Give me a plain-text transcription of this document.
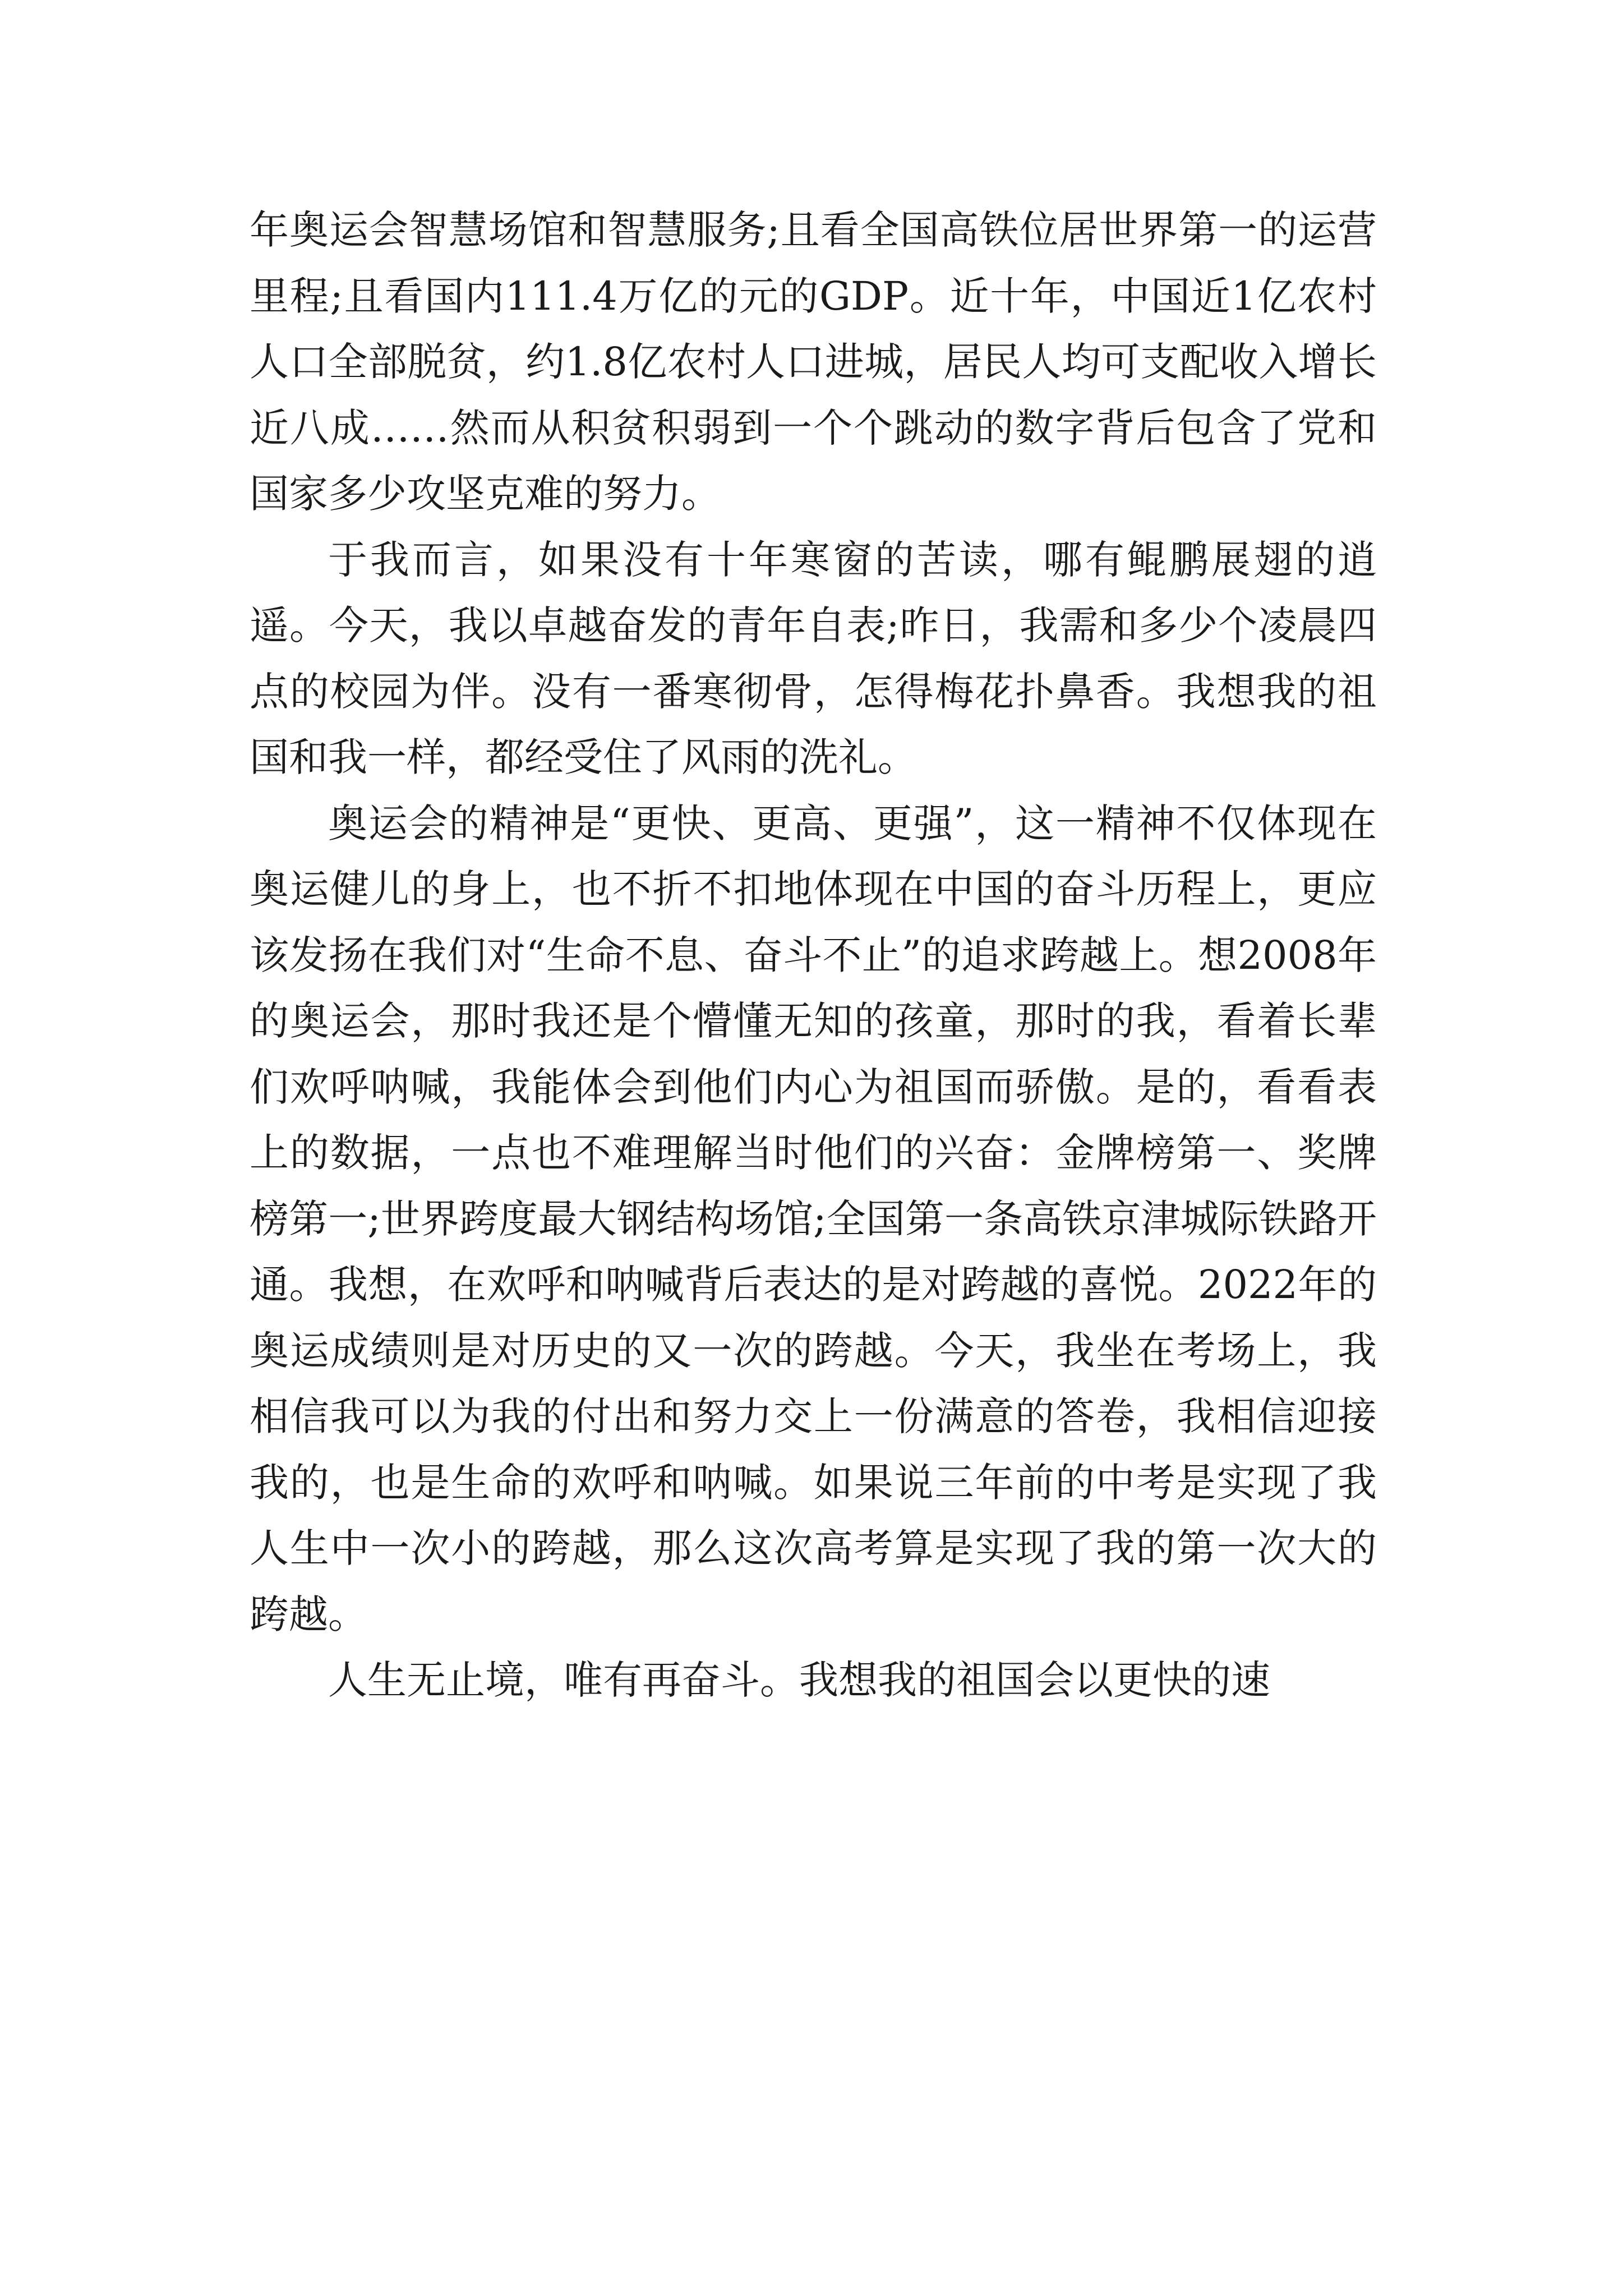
年奥运会智慧场馆和智慧服务;且看全国高铁位居世界第一的运营里程;且看国内111.4万亿的元的GDP。近十年，中国近1亿农村人口全部脱贫，约1.8亿农村人口进城，居民人均可支配收入增长近八成……然而从积贫积弱到一个个跳动的数字背后包含了党和国家多少攻坚克难的努力。

于我而言，如果没有十年寒窗的苦读，哪有鲲鹏展翅的逍遥。今天，我以卓越奋发的青年自表;昨日，我需和多少个凌晨四点的校园为伴。没有一番寒彻骨，怎得梅花扑鼻香。我想我的祖国和我一样，都经受住了风雨的洗礼。

奥运会的精神是“更快、更高、更强”，这一精神不仅体现在奥运健儿的身上，也不折不扣地体现在中国的奋斗历程上，更应该发扬在我们对“生命不息、奋斗不止”的追求跨越上。想2008年的奥运会，那时我还是个懵懂无知的孩童，那时的我，看着长辈们欢呼呐喊，我能体会到他们内心为祖国而骄傲。是的，看看表上的数据，一点也不难理解当时他们的兴奋：金牌榜第一、奖牌榜第一;世界跨度最大钢结构场馆;全国第一条高铁京津城际铁路开通。我想，在欢呼和呐喊背后表达的是对跨越的喜悦。2022年的奥运成绩则是对历史的又一次的跨越。今天，我坐在考场上，我相信我可以为我的付出和努力交上一份满意的答卷，我相信迎接我的，也是生命的欢呼和呐喊。如果说三年前的中考是实现了我人生中一次小的跨越，那么这次高考算是实现了我的第一次大的跨越。

人生无止境，唯有再奋斗。我想我的祖国会以更快的速
